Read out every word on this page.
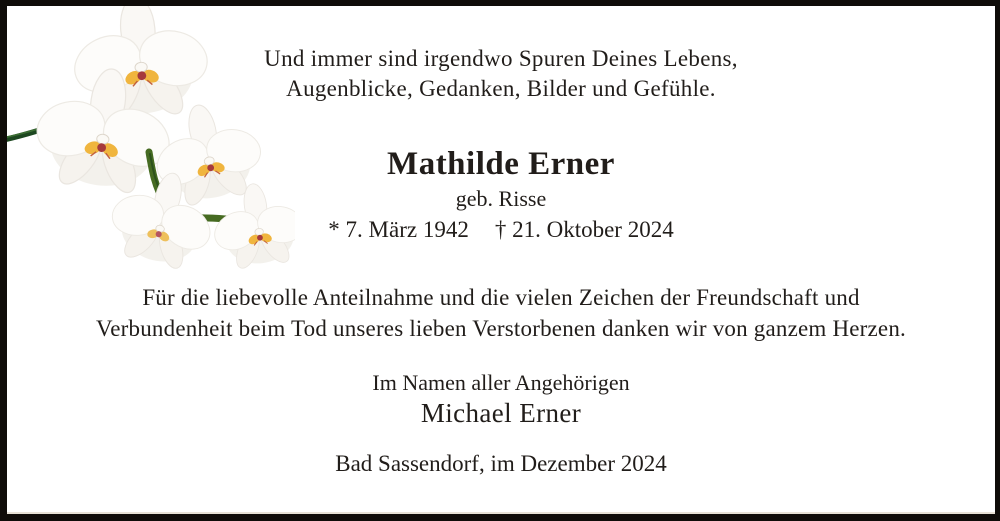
Und immer sind irgendwo Spuren Deines Lebens,
Augenblicke, Gedanken, Bilder und Gefühle.
Mathilde Erner
geb. Risse
* 7. März 1942 † 21. Oktober 2024
Für die liebevolle Anteilnahme und die vielen Zeichen der Freundschaft und
Verbundenheit beim Tod unseres lieben Verstorbenen danken wir von ganzem Herzen.
Im Namen aller Angehörigen
Michael Erner
Bad Sassendorf, im Dezember 2024
